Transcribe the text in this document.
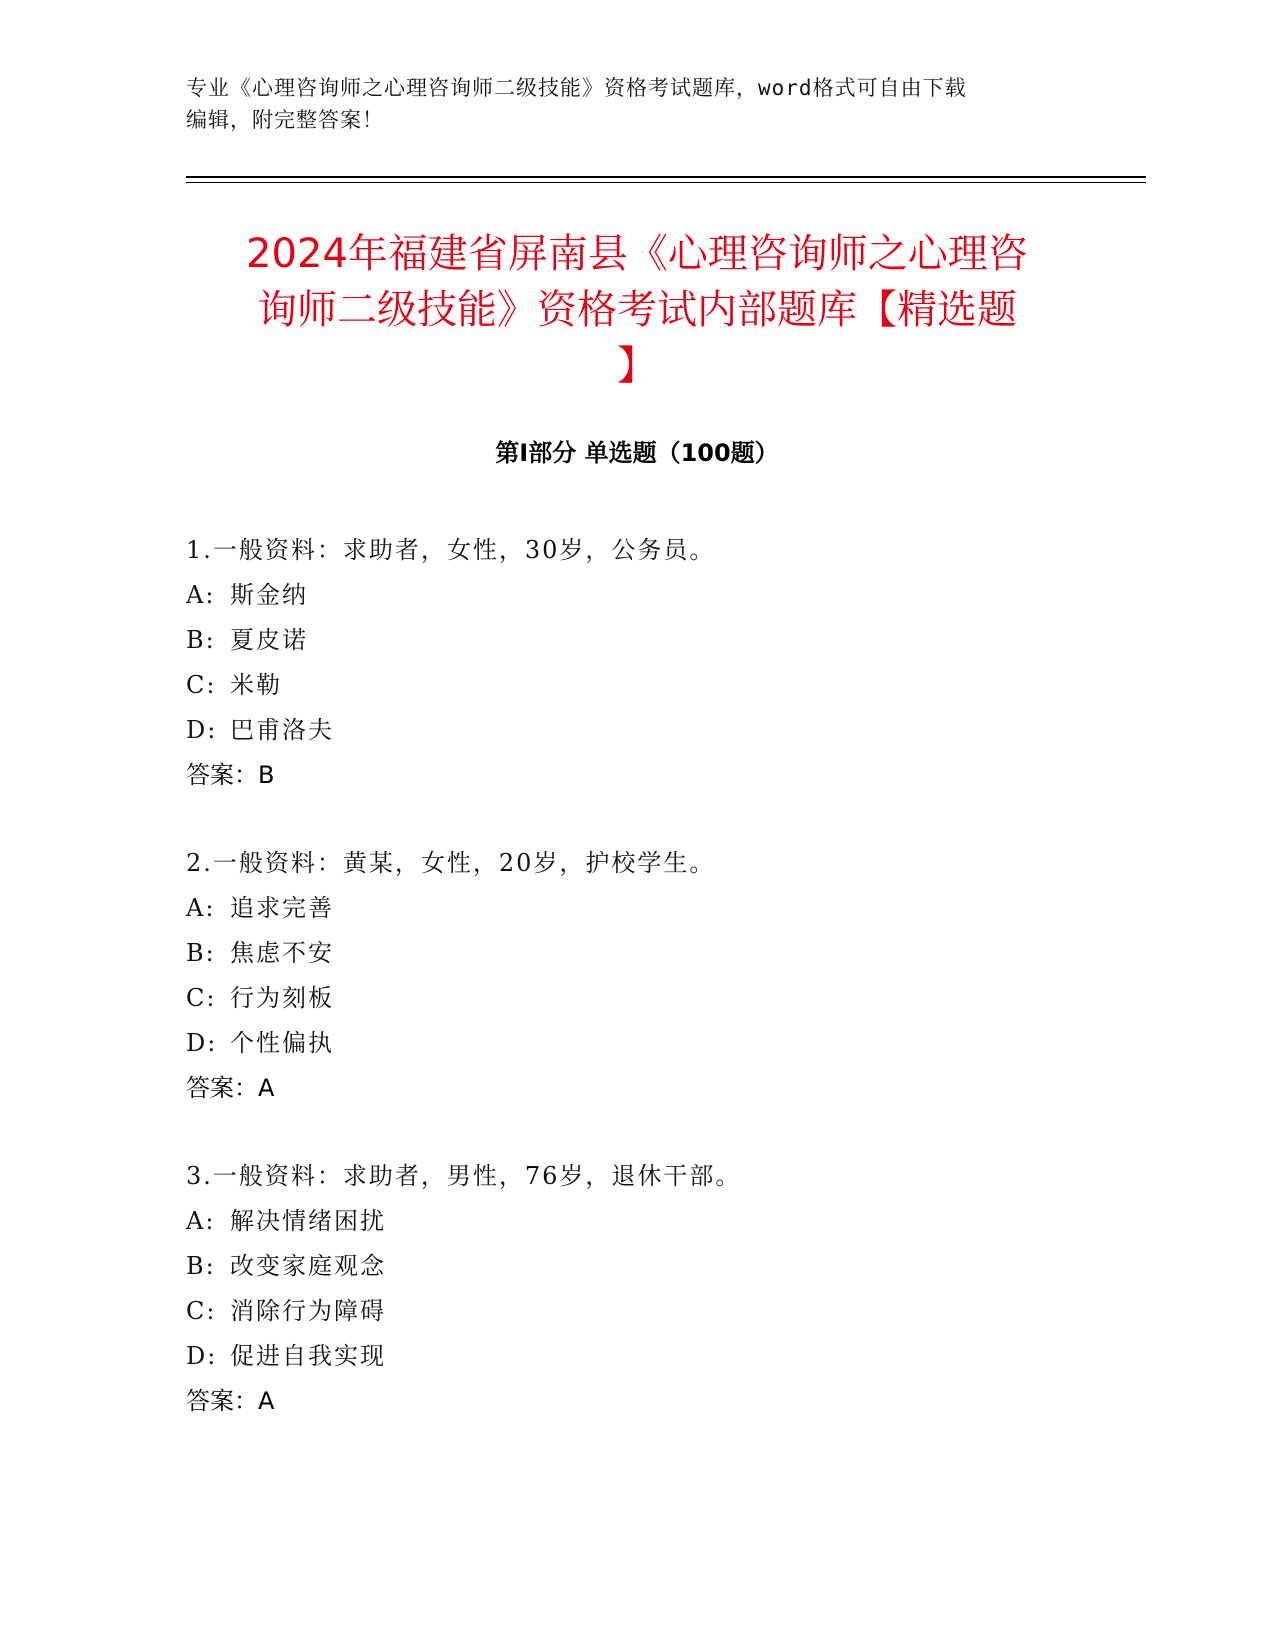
专业《心理咨询师之心理咨询师二级技能》资格考试题库，word格式可自由下载
编辑，附完整答案！
2024年福建省屏南县《心理咨询师之心理咨
询师二级技能》资格考试内部题库【精选题
】
第I部分 单选题（100题）
1.一般资料：求助者，女性，30岁，公务员。
A: 斯金纳
B: 夏皮诺
C: 米勒
D: 巴甫洛夫
答案：B
2.一般资料：黄某，女性，20岁，护校学生。
A: 追求完善
B: 焦虑不安
C: 行为刻板
D: 个性偏执
答案：A
3.一般资料：求助者，男性，76岁，退休干部。
A: 解决情绪困扰
B: 改变家庭观念
C: 消除行为障碍
D: 促进自我实现
答案：A
